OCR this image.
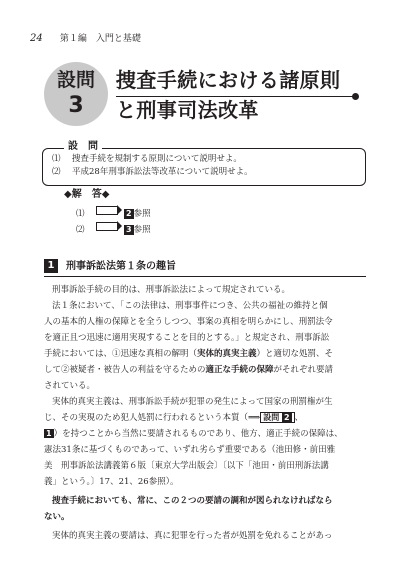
24 第１編　入門と基礎
設問
3
捜査手続における諸原則
と刑事司法改革
設　問
⑴ 捜査手続を規制する原則について説明せよ。
⑵ 平成28年刑事訴訟法等改革について説明せよ。
◆解　答◆
⑴	2 参照
⑵	3 参照
1	刑事訴訟法第１条の趣旨
刑事訴訟手続の目的は、刑事訴訟法によって規定されている。
法１条において、「この法律は、刑事事件につき、公共の福祉の維持と個
人の基本的人権の保障とを全うしつつ、事案の真相を明らかにし、刑罰法令
を適正且つ迅速に適用実現することを目的とする。」と規定され、刑事訴訟
手続においては、①迅速な真相の解明（実体的真実主義）と適切な処罰、そ
して②被疑者・被告人の利益を守るための適正な手続の保障がそれぞれ要請
されている。
実体的真実主義は、刑事訴訟手続が犯罪の発生によって国家の刑罰権が生
じ、その実現のため犯人処罰に行われるという本質（⟹ 設問 2 、
1 ）を持つことから当然に要請されるものであり、他方、適正手続の保障は、
憲法31条に基づくものであって、いずれ劣らず重要である（池田修・前田雅
美　刑事訴訟法講義第６版〔東京大学出版会〕〔以下「池田・前田刑訴法講
義」という。〕17、21、26参照）。
捜査手続においても、常に、この２つの要請の調和が図られなければなら
ない。
実体的真実主義の要請は、真に犯罪を行った者が処罰を免れることがあっ
